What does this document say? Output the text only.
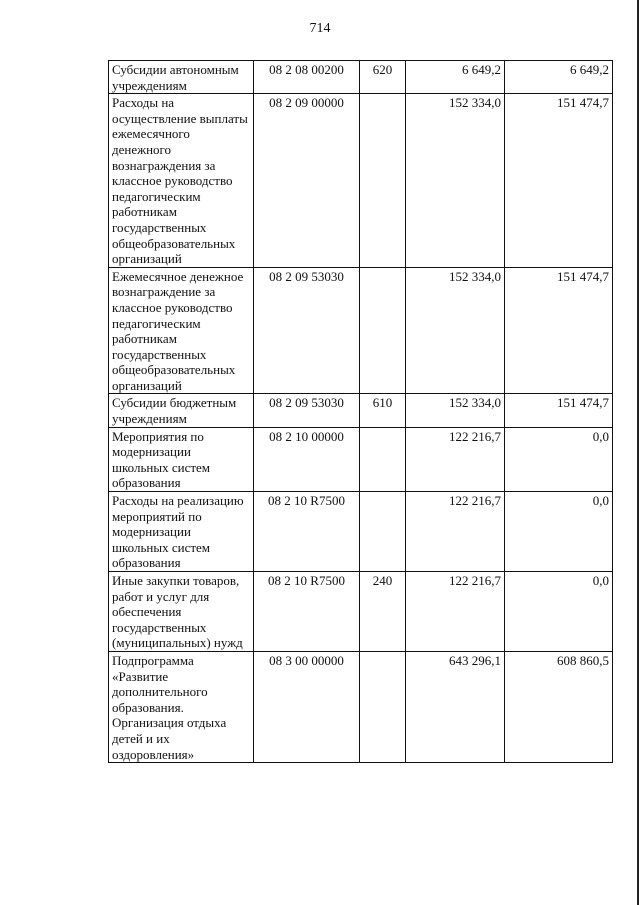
714
Субсидии автономным учреждениям	08 2 08 00200	620	6 649,2	6 649,2
Расходы на осуществление выплаты ежемесячного денежного вознаграждения за классное руководство педагогическим работникам государственных общеобразовательных организаций	08 2 09 00000		152 334,0	151 474,7
Ежемесячное денежное вознаграждение за классное руководство педагогическим работникам государственных общеобразовательных организаций	08 2 09 53030		152 334,0	151 474,7
Субсидии бюджетным учреждениям	08 2 09 53030	610	152 334,0	151 474,7
Мероприятия по модернизации школьных систем образования	08 2 10 00000		122 216,7	0,0
Расходы на реализацию мероприятий по модернизации школьных систем образования	08 2 10 R7500		122 216,7	0,0
Иные закупки товаров, работ и услуг для обеспечения государственных (муниципальных) нужд	08 2 10 R7500	240	122 216,7	0,0
Подпрограмма «Развитие дополнительного образования. Организация отдыха детей и их оздоровления»	08 3 00 00000		643 296,1	608 860,5
